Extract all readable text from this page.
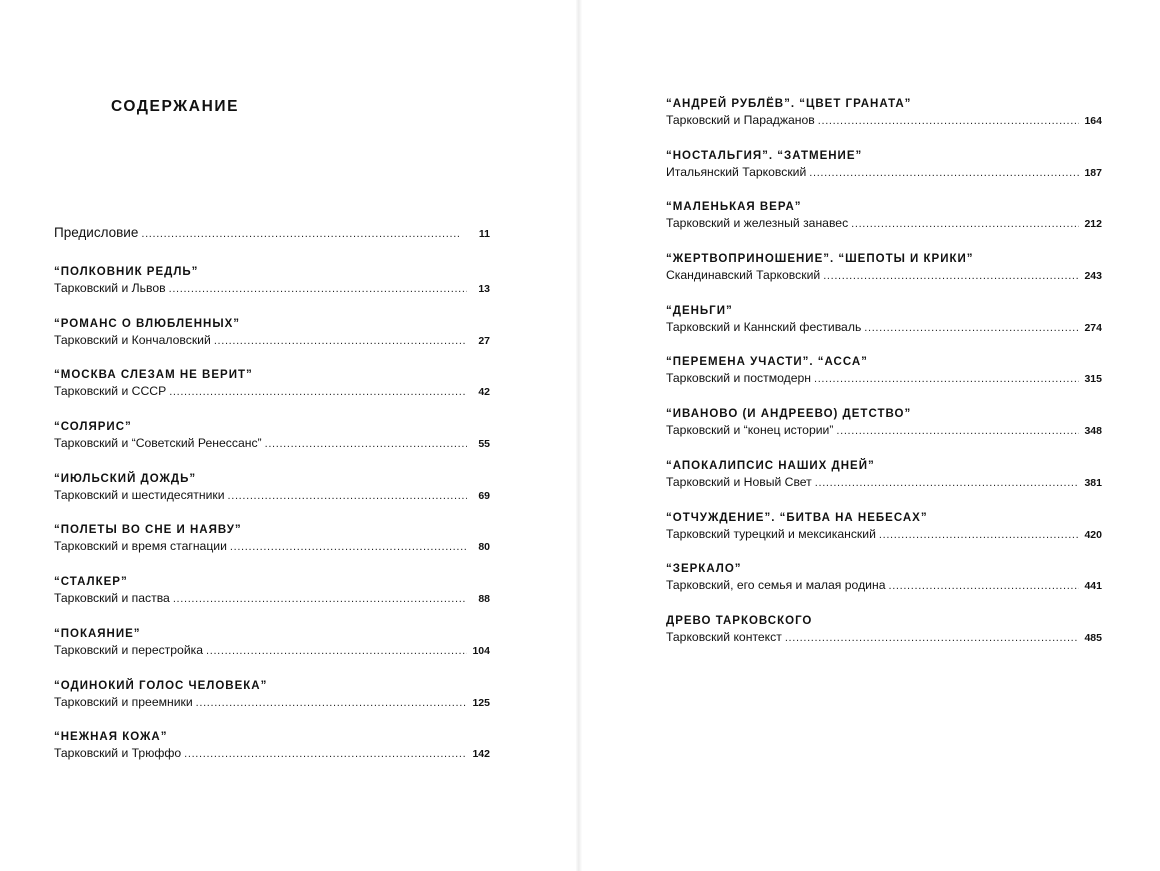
СОДЕРЖАНИЕ
Предисловие . . .	11
“ПОЛКОВНИК РЕДЛЬ”
Тарковский и Львов . . .	13
“РОМАНС О ВЛЮБЛЕННЫХ”
Тарковский и Кончаловский . . .	27
“МОСКВА СЛЕЗАМ НЕ ВЕРИТ”
Тарковский и СССР . . .	42
“СОЛЯРИС”
Тарковский и “Советский Ренессанс” . . .	55
“ИЮЛЬСКИЙ ДОЖДЬ”
Тарковский и шестидесятники . . .	69
“ПОЛЕТЫ ВО СНЕ И НАЯВУ”
Тарковский и время стагнации . . .	80
“СТАЛКЕР”
Тарковский и паства . . .	88
“ПОКАЯНИЕ”
Тарковский и перестройка . . .	104
“ОДИНОКИЙ ГОЛОС ЧЕЛОВЕКА”
Тарковский и преемники . . .	125
“НЕЖНАЯ КОЖА”
Тарковский и Трюффо . . .	142
“АНДРЕЙ РУБЛЁВ”. “ЦВЕТ ГРАНАТА”
Тарковский и Параджанов . . .	164
“НОСТАЛЬГИЯ”. “ЗАТМЕНИЕ”
Итальянский Тарковский . . .	187
“МАЛЕНЬКАЯ ВЕРА”
Тарковский и железный занавес . . .	212
“ЖЕРТВОПРИНОШЕНИЕ”. “ШЕПОТЫ И КРИКИ”
Скандинавский Тарковский . . .	243
“ДЕНЬГИ”
Тарковский и Каннский фестиваль . . .	274
“ПЕРЕМЕНА УЧАСТИ”. “АССА”
Тарковский и постмодерн . . .	315
“ИВАНОВО (И АНДРЕЕВО) ДЕТСТВО”
Тарковский и “конец истории” . . .	348
“АПОКАЛИПСИС НАШИХ ДНЕЙ”
Тарковский и Новый Свет . . .	381
“ОТЧУЖДЕНИЕ”. “БИТВА НА НЕБЕСАХ”
Тарковский турецкий и мексиканский . . .	420
“ЗЕРКАЛО”
Тарковский, его семья и малая родина . . .	441
ДРЕВО ТАРКОВСКОГО
Тарковский контекст . . .	485
